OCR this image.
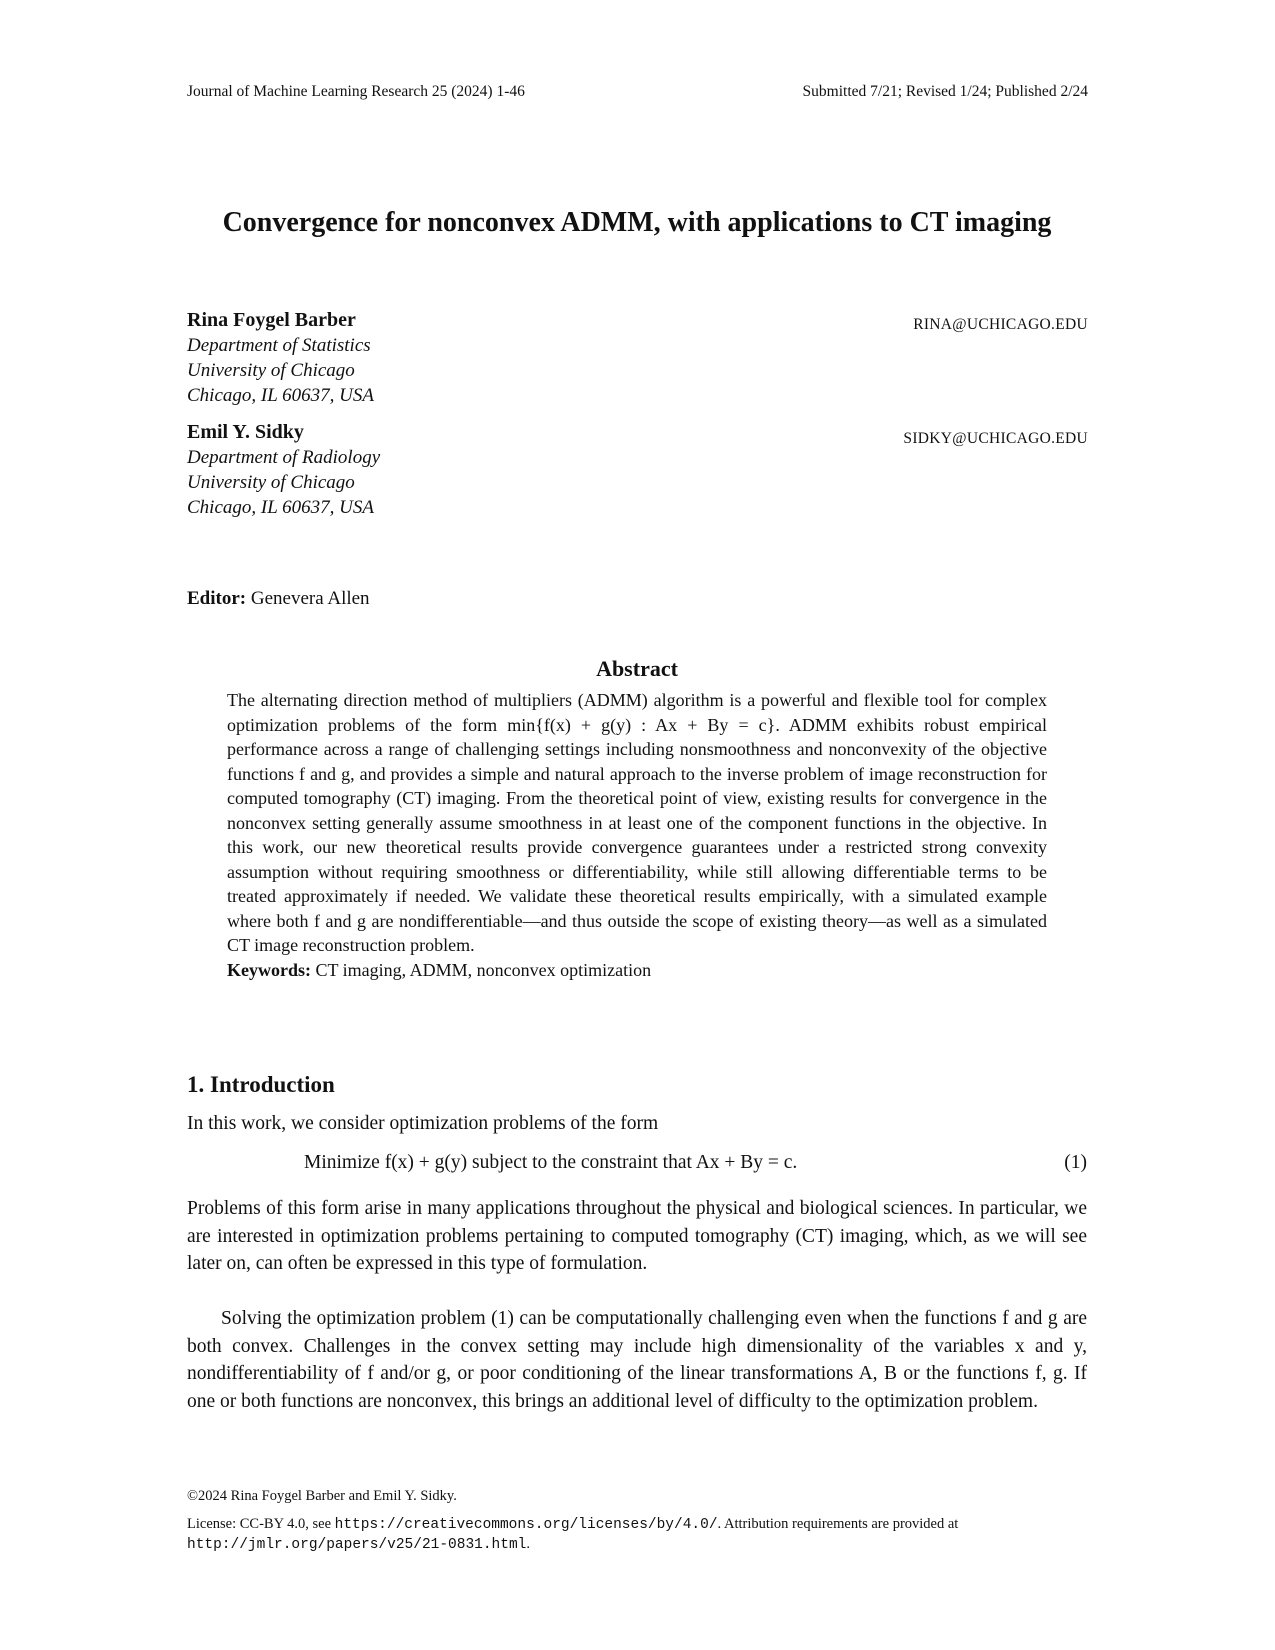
Journal of Machine Learning Research 25 (2024) 1-46	Submitted 7/21; Revised 1/24; Published 2/24
Convergence for nonconvex ADMM, with applications to CT imaging
Rina Foygel Barber
Department of Statistics
University of Chicago
Chicago, IL 60637, USA
RINA@UCHICAGO.EDU
Emil Y. Sidky
Department of Radiology
University of Chicago
Chicago, IL 60637, USA
SIDKY@UCHICAGO.EDU
Editor: Genevera Allen
Abstract
The alternating direction method of multipliers (ADMM) algorithm is a powerful and flexible tool for complex optimization problems of the form min{f(x) + g(y) : Ax + By = c}. ADMM exhibits robust empirical performance across a range of challenging settings including nonsmoothness and nonconvexity of the objective functions f and g, and provides a simple and natural approach to the inverse problem of image reconstruction for computed tomography (CT) imaging. From the theoretical point of view, existing results for convergence in the nonconvex setting generally assume smoothness in at least one of the component functions in the objective. In this work, our new theoretical results provide convergence guarantees under a restricted strong convexity assumption without requiring smoothness or differentiability, while still allowing differentiable terms to be treated approximately if needed. We validate these theoretical results empirically, with a simulated example where both f and g are nondifferentiable—and thus outside the scope of existing theory—as well as a simulated CT image reconstruction problem.
Keywords: CT imaging, ADMM, nonconvex optimization
1. Introduction
In this work, we consider optimization problems of the form
Minimize f(x) + g(y) subject to the constraint that Ax + By = c.	(1)
Problems of this form arise in many applications throughout the physical and biological sciences. In particular, we are interested in optimization problems pertaining to computed tomography (CT) imaging, which, as we will see later on, can often be expressed in this type of formulation.
Solving the optimization problem (1) can be computationally challenging even when the functions f and g are both convex. Challenges in the convex setting may include high dimensionality of the variables x and y, nondifferentiability of f and/or g, or poor conditioning of the linear transformations A, B or the functions f, g. If one or both functions are nonconvex, this brings an additional level of difficulty to the optimization problem.
©2024 Rina Foygel Barber and Emil Y. Sidky.
License: CC-BY 4.0, see https://creativecommons.org/licenses/by/4.0/. Attribution requirements are provided at http://jmlr.org/papers/v25/21-0831.html.
